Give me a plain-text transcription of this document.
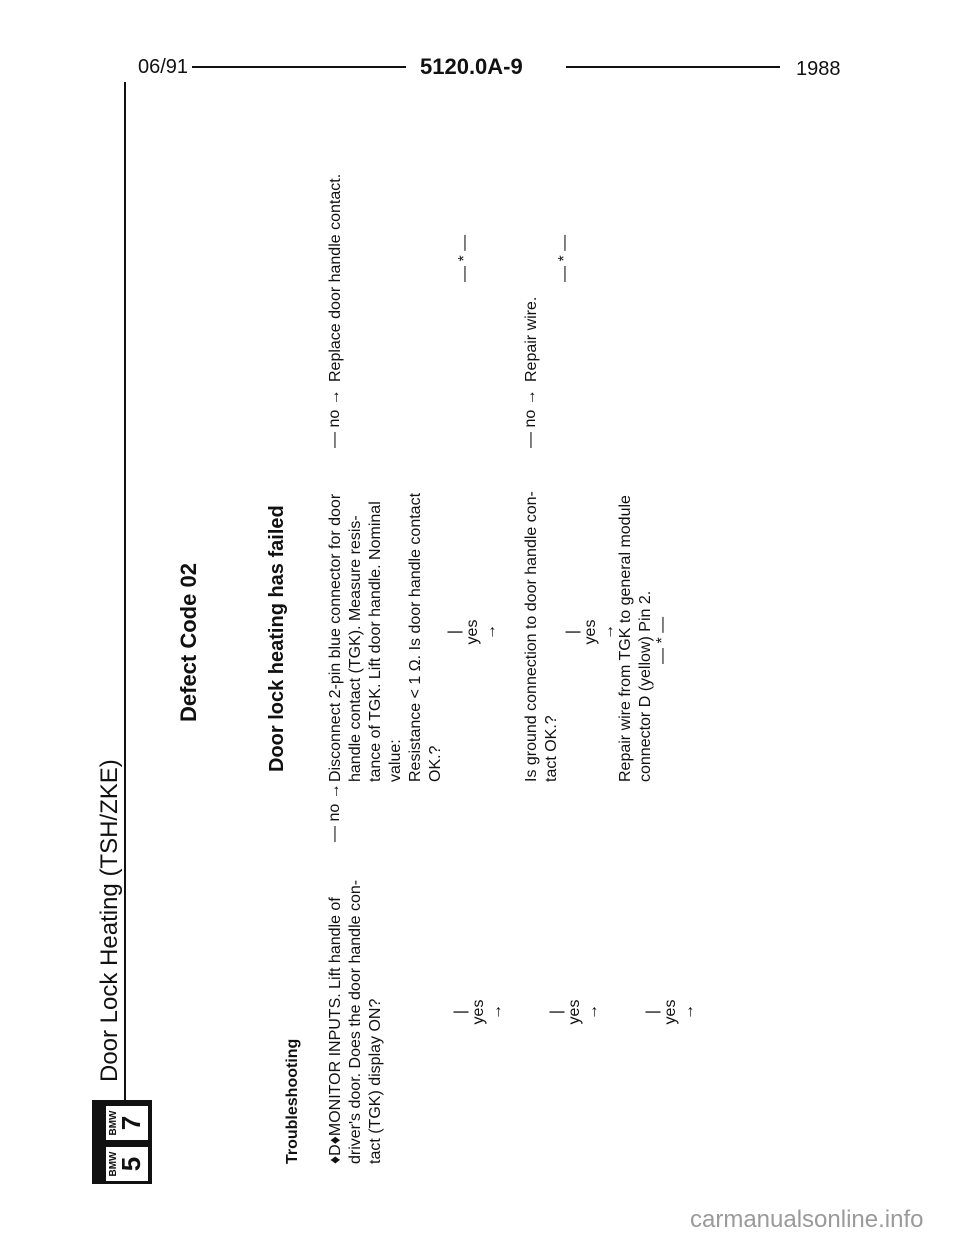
06/91	5120.0A-9	1988
BMW
5
BMW
7
Door Lock Heating (TSH/ZKE)
Defect Code 02	Door lock heating has failed
Troubleshooting ♦D♦MONITOR INPUTS. Lift handle of driver's door. Does the door handle con- tact (TGK) display ON?

— no →

Disconnect 2-pin blue connector for door handle contact (TGK). Measure resis- tance of TGK. Lift door handle. Nominal value: Resistance < 1 Ω. Is door handle contact OK.?

— no →
Replace door handle contact.	— * —
| yes → Is ground connection to door handle con- tact OK.?

— no →
Repair wire.
— * —
| yes → Repair wire from TGK to general module connector D (yellow) Pin 2. — * —
| yes →	| yes →	| yes →
carmanualsonline.info
